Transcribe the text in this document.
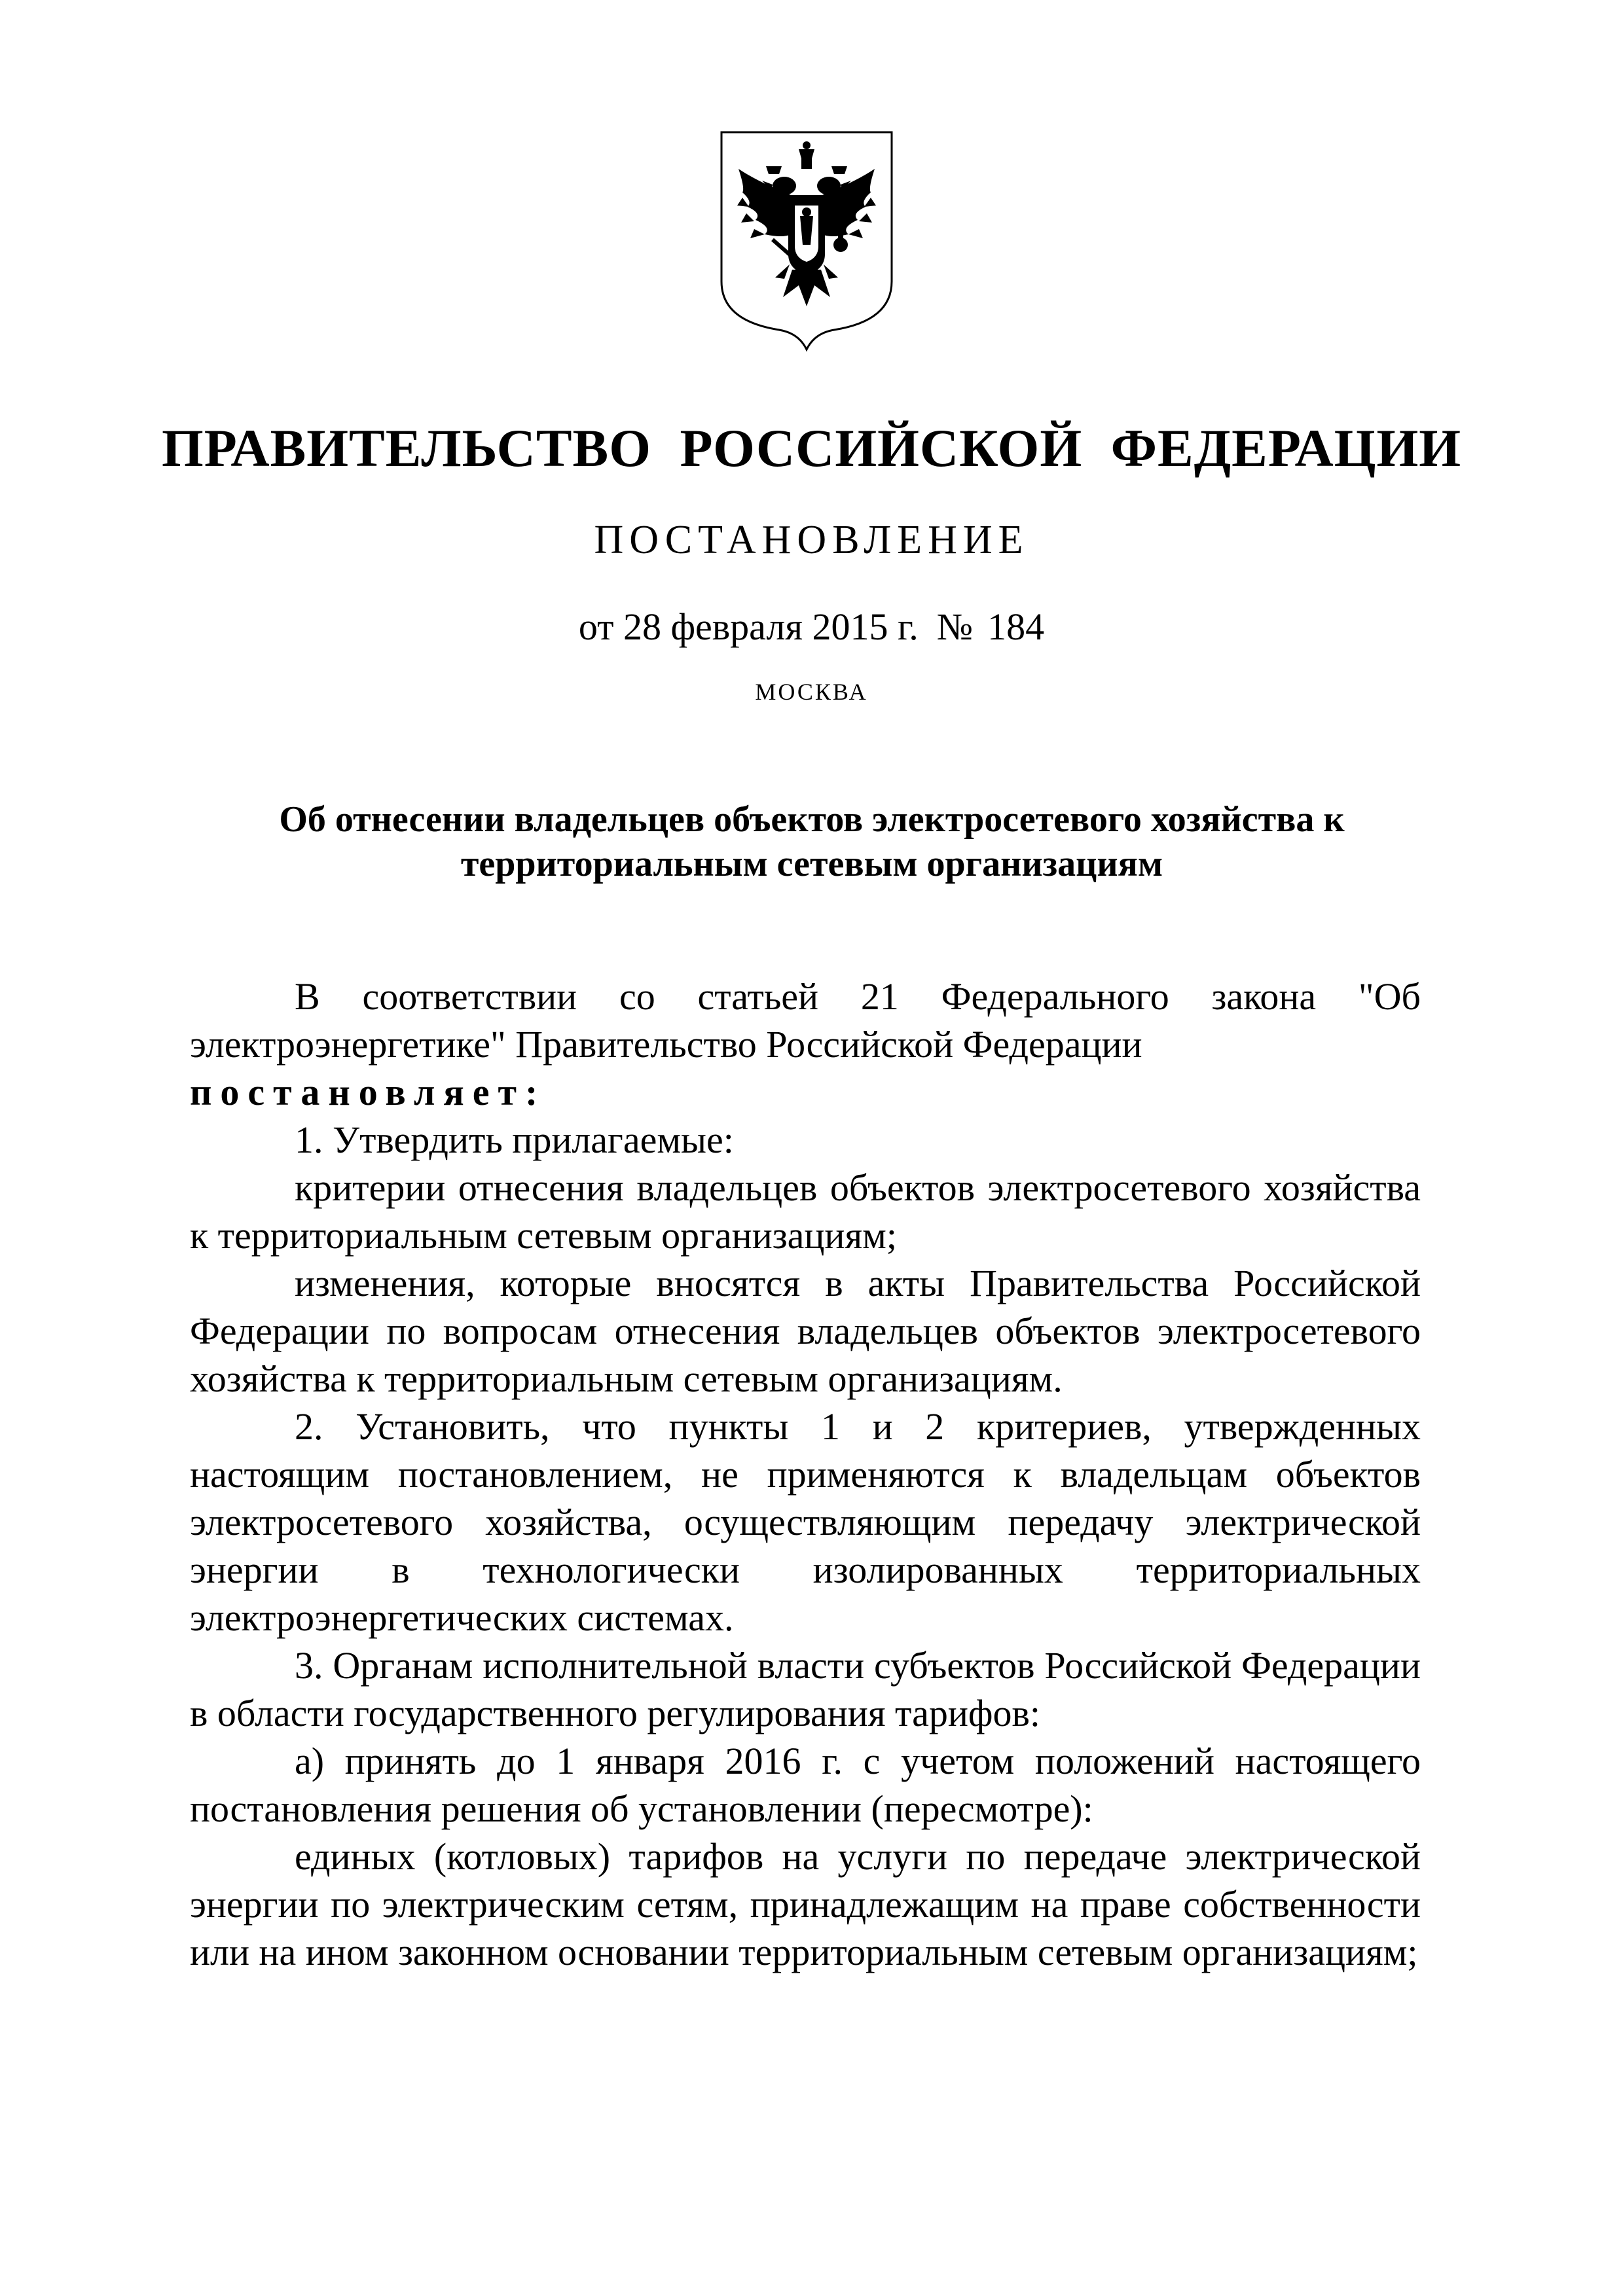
ПРАВИТЕЛЬСТВО РОССИЙСКОЙ ФЕДЕРАЦИИ
ПОСТАНОВЛЕНИЕ
от 28 февраля 2015 г. № 184
МОСКВА
Об отнесении владельцев объектов электросетевого хозяйства к
территориальным сетевым организациям

В соответствии со статьей 21 Федерального закона "Об электроэнергетике" Правительство Российской Федерации

постановляет:

1. Утвердить прилагаемые:

критерии отнесения владельцев объектов электросетевого хозяйства к территориальным сетевым организациям;

изменения, которые вносятся в акты Правительства Российской Федерации по вопросам отнесения владельцев объектов электросетевого хозяйства к территориальным сетевым организациям.

2. Установить, что пункты 1 и 2 критериев, утвержденных настоящим постановлением, не применяются к владельцам объектов электросетевого хозяйства, осуществляющим передачу электрической энергии в технологически изолированных территориальных электроэнергетических системах.

3. Органам исполнительной власти субъектов Российской Федерации в области государственного регулирования тарифов:

а) принять до 1 января 2016 г. с учетом положений настоящего постановления решения об установлении (пересмотре):

единых (котловых) тарифов на услуги по передаче электрической энергии по электрическим сетям, принадлежащим на праве собственности или на ином законном основании территориальным сетевым организациям;
